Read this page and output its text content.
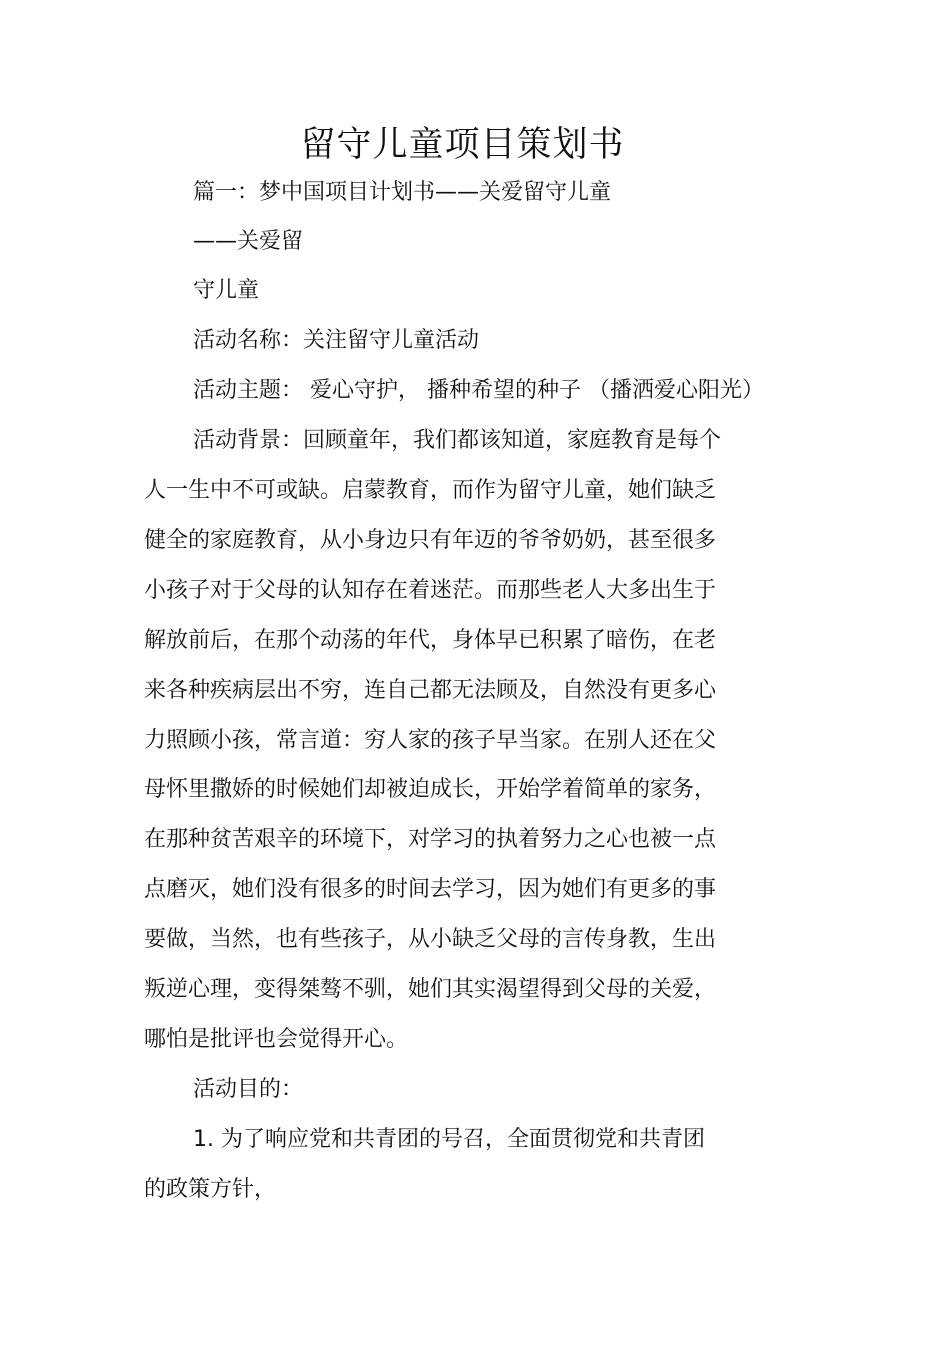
留守儿童项目策划书
篇一：梦中国项目计划书——关爱留守儿童
——关爱留
守儿童
活动名称：关注留守儿童活动
活动主题： 爱心守护， 播种希望的种子 （播洒爱心阳光）
活动背景：回顾童年，我们都该知道，家庭教育是每个
人一生中不可或缺。启蒙教育，而作为留守儿童，她们缺乏
健全的家庭教育，从小身边只有年迈的爷爷奶奶，甚至很多
小孩子对于父母的认知存在着迷茫。而那些老人大多出生于
解放前后，在那个动荡的年代，身体早已积累了暗伤，在老
来各种疾病层出不穷，连自己都无法顾及，自然没有更多心
力照顾小孩，常言道：穷人家的孩子早当家。在别人还在父
母怀里撒娇的时候她们却被迫成长，开始学着简单的家务，
在那种贫苦艰辛的环境下，对学习的执着努力之心也被一点
点磨灭，她们没有很多的时间去学习，因为她们有更多的事
要做，当然，也有些孩子，从小缺乏父母的言传身教，生出
叛逆心理，变得桀骜不驯，她们其实渴望得到父母的关爱，
哪怕是批评也会觉得开心。
活动目的：
1. 为了响应党和共青团的号召，全面贯彻党和共青团
的政策方针，
